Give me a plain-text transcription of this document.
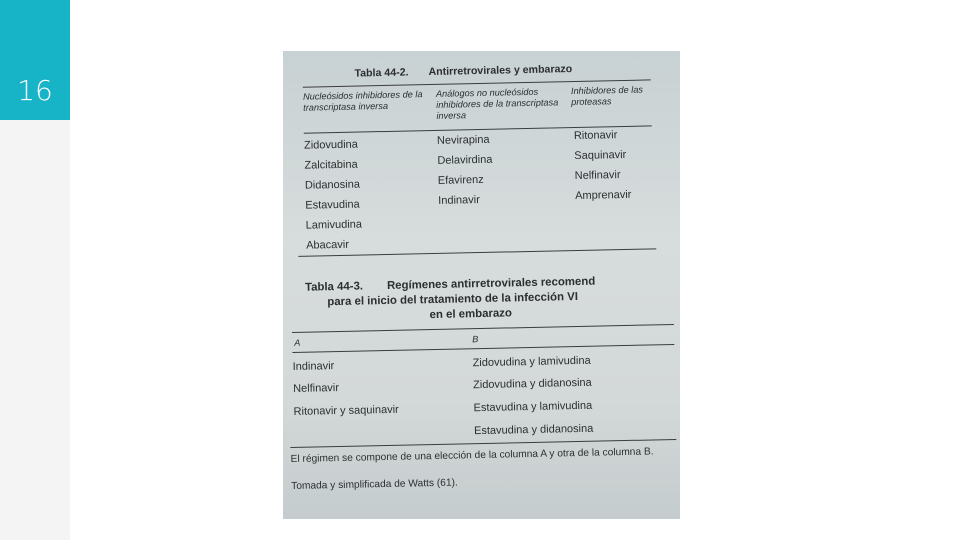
16
Tabla 44-2. Antirretrovirales y embarazo
Nucleósidos inhibidores de la transcriptasa inversa
Análogos no nucleósidos inhibidores de la transcriptasa inversa
Inhibidores de las proteasas
Zidovudina
Zalcitabina
Didanosina
Estavudina
Lamivudina
Abacavir
Nevirapina
Delavirdina
Efavirenz
Indinavir
Ritonavir
Saquinavir
Nelfinavir
Amprenavir
Tabla 44-3. Regímenes antirretrovirales recomend
para el inicio del tratamiento de la infección VI
en el embarazo
A	B
Indinavir
Nelfinavir
Ritonavir y saquinavir
Zidovudina y lamivudina
Zidovudina y didanosina
Estavudina y lamivudina
Estavudina y didanosina
El régimen se compone de una elección de la columna A y otra de la columna B.
Tomada y simplificada de Watts (61).
